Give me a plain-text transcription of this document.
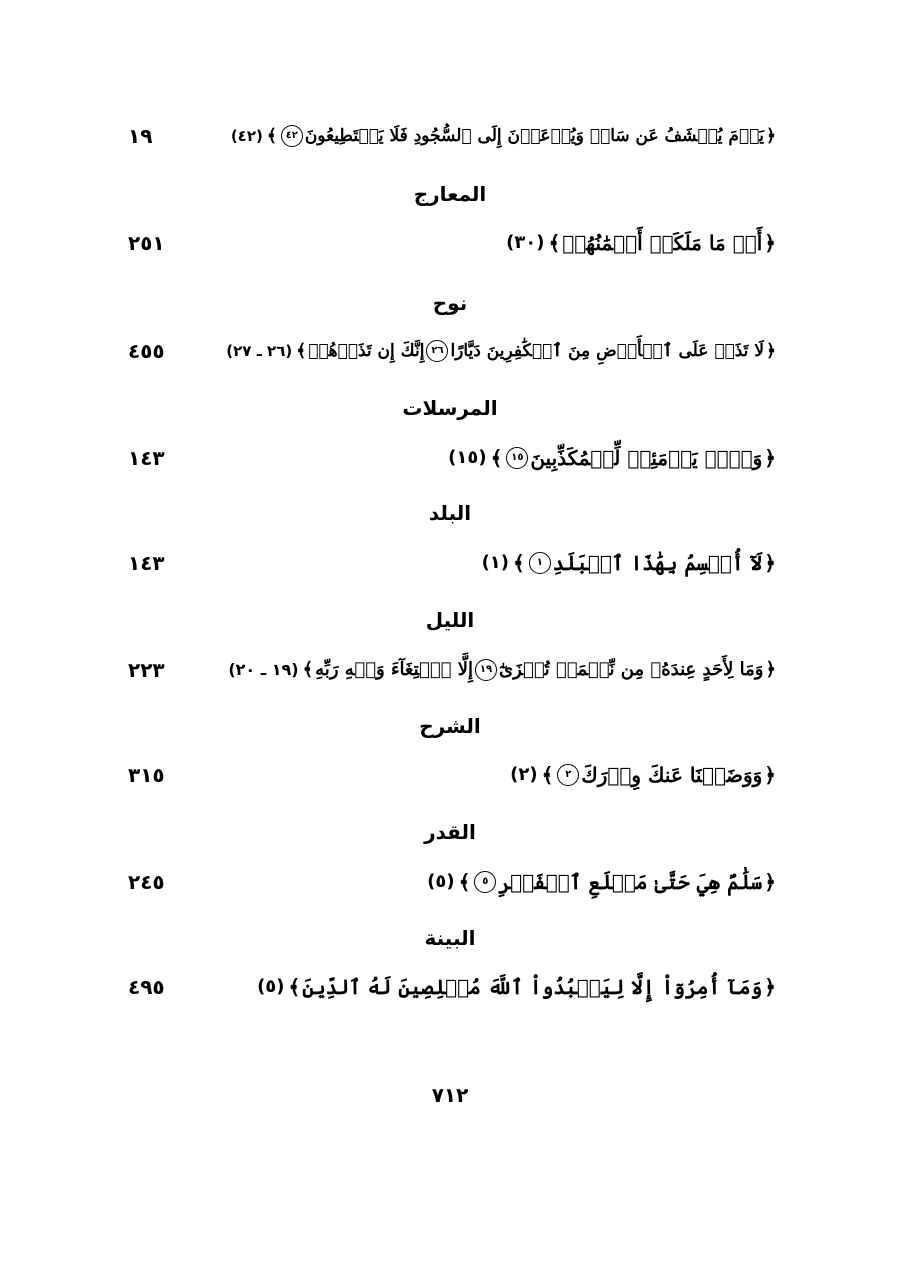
﴿
يَوۡمَ يُكۡشَفُ عَن سَاقٖ وَيُدۡعَوۡنَ إِلَى ٱلسُّجُودِ فَلَا يَسۡتَطِيعُونَ
٤٢
﴾
(٤٢)
١٩
المعارج
﴿
أَوۡ مَا مَلَكَتۡ أَيۡمَٰنُهُمۡ
﴾
(٣٠)
٢٥١
نوح
﴿
لَا تَذَرۡ عَلَى ٱلۡأَرۡضِ مِنَ ٱلۡكَٰفِرِينَ دَيَّارًا
٢٦
إِنَّكَ إِن تَذَرۡهُمۡ
﴾
(٢٦ ـ ٢٧)
٤٥٥
المرسلات
﴿
وَيۡلٞ يَوۡمَئِذٖ لِّلۡمُكَذِّبِينَ
١٥
﴾
(١٥)
١٤٣
البلد
﴿
لَآ أُقۡسِمُ بِهَٰذَا ٱلۡبَلَدِ
١
﴾
(١)
١٤٣
الليل
﴿
وَمَا لِأَحَدٍ عِندَهُۥ مِن نِّعۡمَةٖ تُجۡزَىٰٓ
١٩
إِلَّا ٱبۡتِغَآءَ وَجۡهِ رَبِّهِ
﴾
(١٩ ـ ٢٠)
٢٢٣
الشرح
﴿
وَوَضَعۡنَا عَنكَ وِزۡرَكَ
٢
﴾
(٢)
٣١٥
القدر
﴿
سَلَٰمٌ هِيَ حَتَّىٰ مَطۡلَعِ ٱلۡفَجۡرِ
٥
﴾
(٥)
٢٤٥
البينة
﴿
وَمَآ أُمِرُوٓاْ إِلَّا لِيَعۡبُدُواْ ٱللَّهَ مُخۡلِصِينَ لَهُ ٱلدِّينَ
﴾
(٥)
٤٩٥
٧١٢
